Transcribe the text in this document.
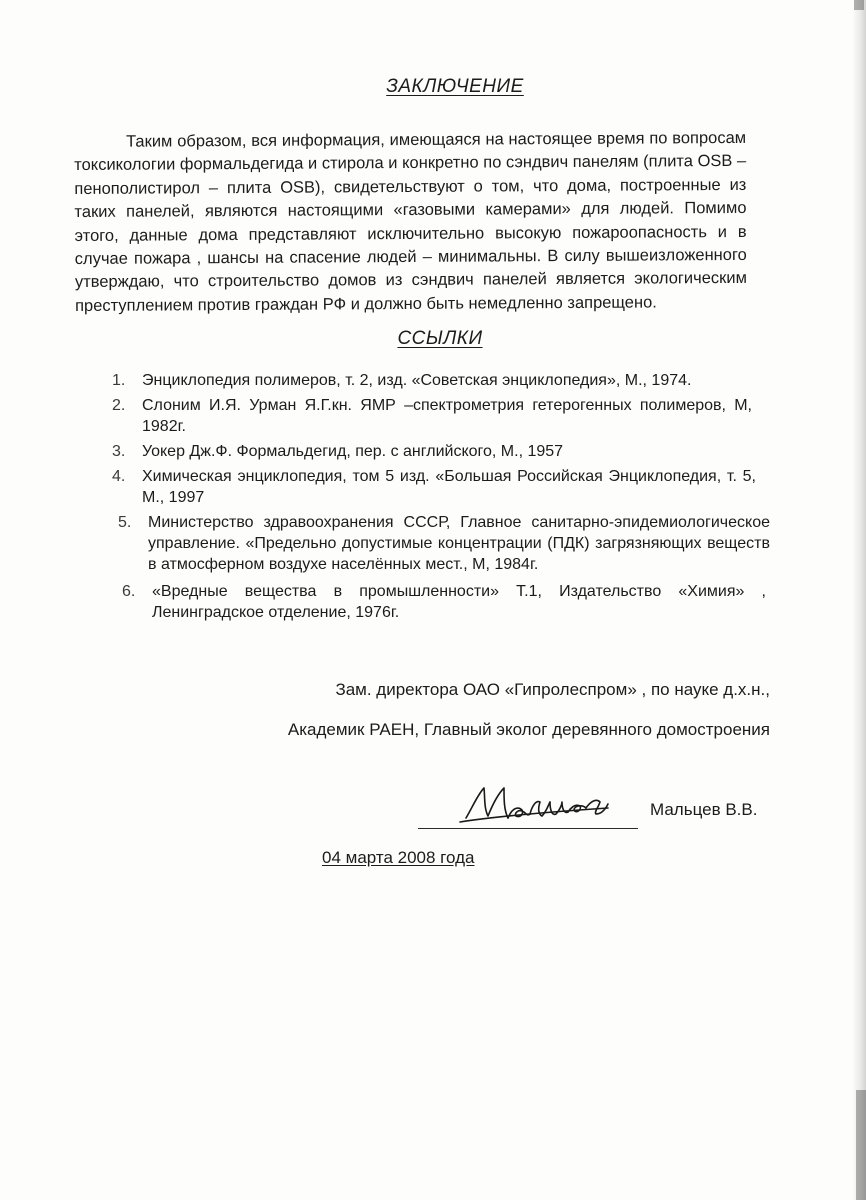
ЗАКЛЮЧЕНИЕ

Таким образом, вся информация, имеющаяся на настоящее время по вопросам токсикологии формальдегида и стирола и конкретно по сэндвич панелям (плита OSB – пенополистирол – плита OSB), свидетельствуют о том, что дома, построенные из таких панелей, являются настоящими «газовыми камерами» для людей. Помимо этого, данные дома представляют исключительно высокую пожароопасность и в случае пожара , шансы на спасение людей – минимальны. В силу вышеизложенного утверждаю, что строительство домов из сэндвич панелей является экологическим преступлением против граждан РФ и должно быть немедленно запрещено.

ССЫЛКИ
1.	Энциклопедия полимеров, т. 2, изд. «Советская энциклопедия», М., 1974.
2.	Слоним И.Я. Урман Я.Г.кн. ЯМР –спектрометрия гетерогенных полимеров, М, 1982г.
3.	Уокер Дж.Ф. Формальдегид, пер. с английского, М., 1957
4.	Химическая энциклопедия, том 5 изд. «Большая Российская Энциклопедия, т. 5, М., 1997
5.	Министерство здравоохранения СССР, Главное санитарно-эпидемиологическое управление. «Предельно допустимые концентрации (ПДК) загрязняющих веществ в атмосферном воздухе населённых мест., М, 1984г.
6.	«Вредные вещества в промышленности» Т.1, Издательство «Химия» , Ленинградское отделение, 1976г.
Зам. директора ОАО «Гипролеспром» , по науке д.х.н.,
Академик РАЕН, Главный эколог деревянного домостроения
Мальцев В.В.
04 марта 2008 года
